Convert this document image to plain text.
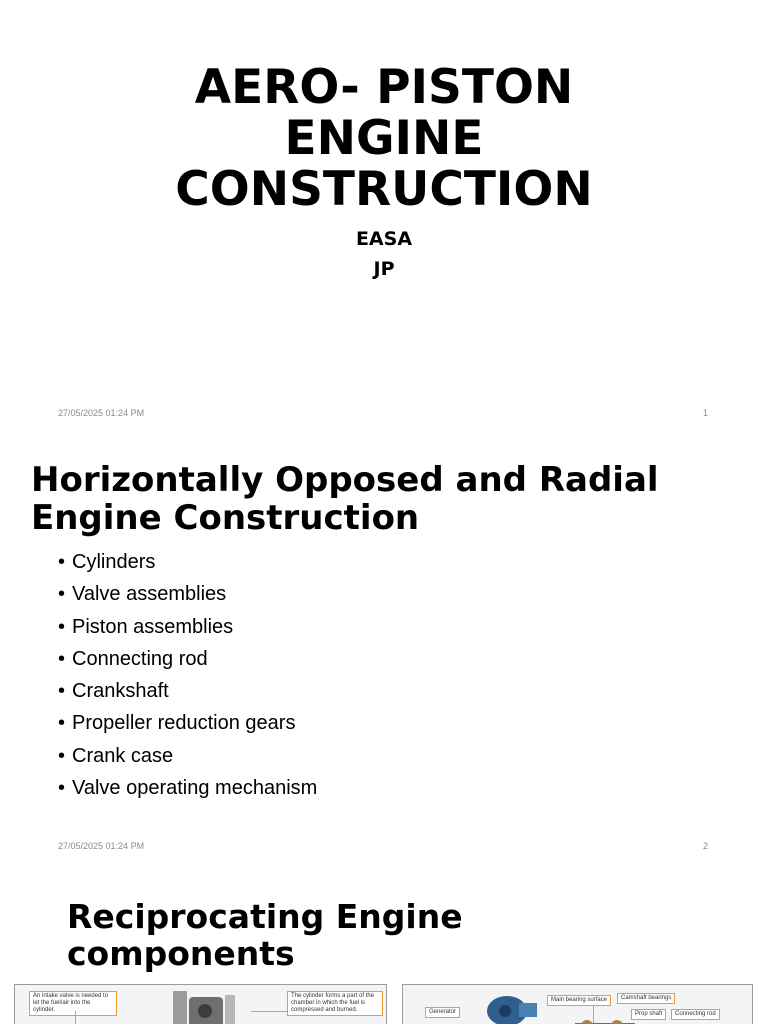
AERO- PISTON
ENGINE
CONSTRUCTION
EASA
JP
27/05/2025 01:24 PM	1
Horizontally Opposed and Radial
Engine Construction
• Cylinders
• Valve assemblies
• Piston assemblies
• Connecting rod
• Crankshaft
• Propeller reduction gears
• Crank case
• Valve operating mechanism
27/05/2025 01:24 PM	2
Reciprocating Engine
components
An intake valve is needed to let the fuel/air into the cylinder.
The cylinder forms a part of the chamber in which the fuel is compressed and burned.	Generator
Main bearing surface	Camshaft bearings
Prop shaft	Connecting rod
